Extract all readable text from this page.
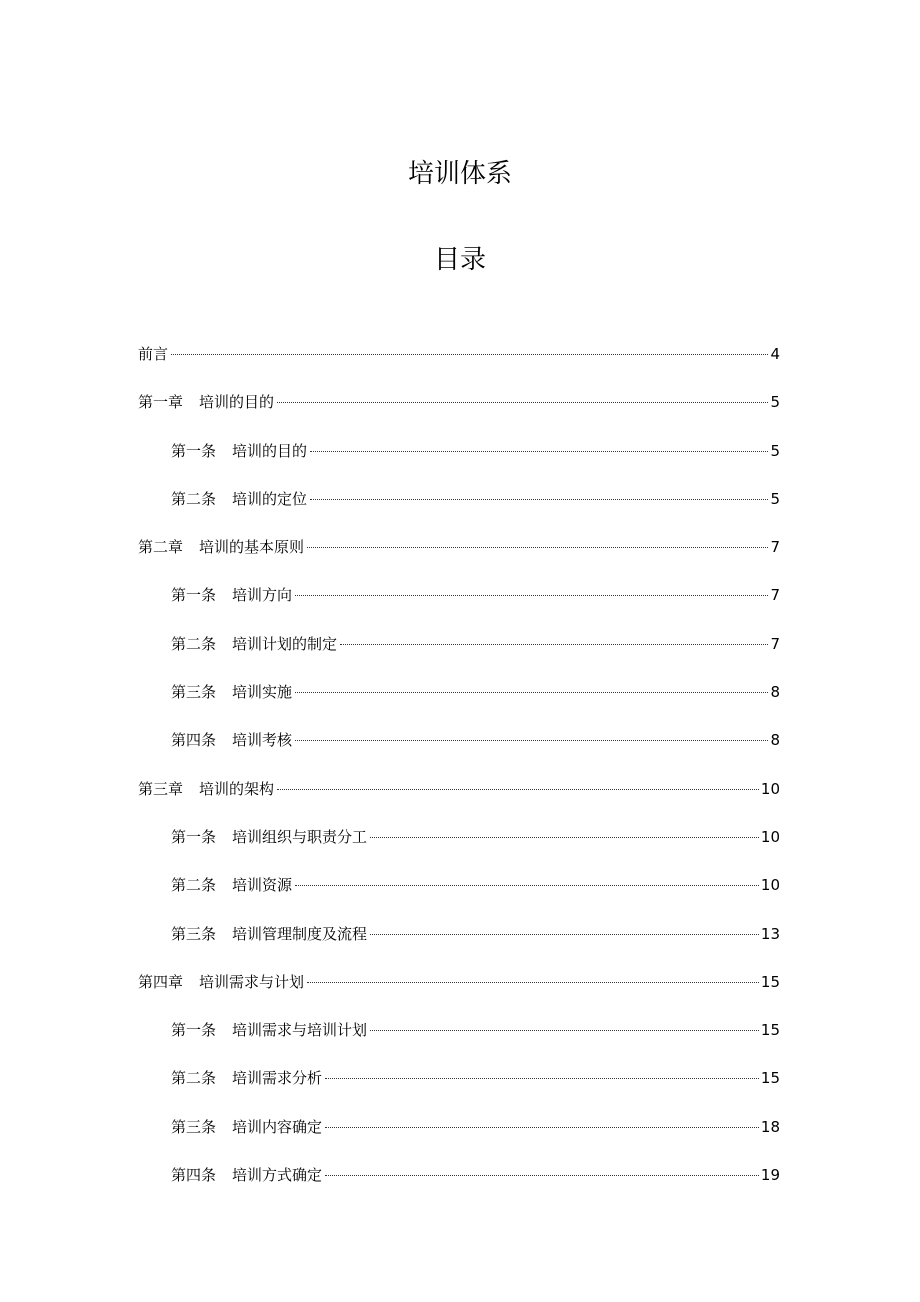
培训体系
目录
前言	4
第一章 培训的目的	5
第一条 培训的目的	5
第二条 培训的定位	5
第二章 培训的基本原则	7
第一条 培训方向	7
第二条 培训计划的制定	7
第三条 培训实施	8
第四条 培训考核	8
第三章 培训的架构	10
第一条 培训组织与职责分工	10
第二条 培训资源	10
第三条 培训管理制度及流程	13
第四章 培训需求与计划	15
第一条 培训需求与培训计划	15
第二条 培训需求分析	15
第三条 培训内容确定	18
第四条 培训方式确定	19
